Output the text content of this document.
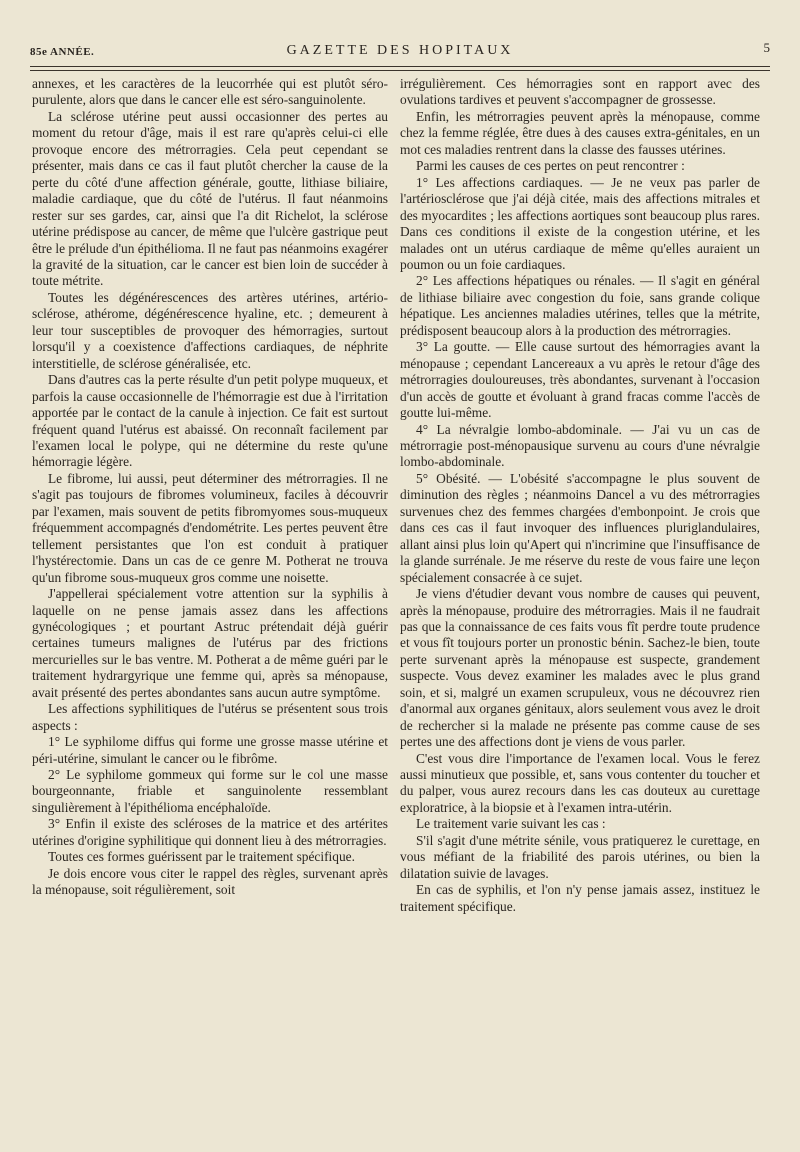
85e ANNÉE.	GAZETTE DES HOPITAUX	5

annexes, et les caractères de la leucorrhée qui est plutôt séro-purulente, alors que dans le cancer elle est séro-sanguinolente.

La sclérose utérine peut aussi occasionner des pertes au moment du retour d'âge, mais il est rare qu'après celui-ci elle provoque encore des métrorragies. Cela peut cependant se présenter, mais dans ce cas il faut plutôt chercher la cause de la perte du côté d'une affection générale, goutte, lithiase biliaire, maladie cardiaque, que du côté de l'utérus. Il faut néanmoins rester sur ses gardes, car, ainsi que l'a dit Richelot, la sclérose utérine prédispose au cancer, de même que l'ulcère gastrique peut être le prélude d'un épithélioma. Il ne faut pas néanmoins exagérer la gravité de la situation, car le cancer est bien loin de succéder à toute métrite.

Toutes les dégénérescences des artères utérines, artério-sclérose, athérome, dégénérescence hyaline, etc. ; demeurent à leur tour susceptibles de provoquer des hémorragies, surtout lorsqu'il y a coexistence d'affections cardiaques, de néphrite interstitielle, de sclérose généralisée, etc.

Dans d'autres cas la perte résulte d'un petit polype muqueux, et parfois la cause occasionnelle de l'hémorragie est due à l'irritation apportée par le contact de la canule à injection. Ce fait est surtout fréquent quand l'utérus est abaissé. On reconnaît facilement par l'examen local le polype, qui ne détermine du reste qu'une hémorragie légère.

Le fibrome, lui aussi, peut déterminer des métrorragies. Il ne s'agit pas toujours de fibromes volumineux, faciles à découvrir par l'examen, mais souvent de petits fibromyomes sous-muqueux fréquemment accompagnés d'endométrite. Les pertes peuvent être tellement persistantes que l'on est conduit à pratiquer l'hystérectomie. Dans un cas de ce genre M. Potherat ne trouva qu'un fibrome sous-muqueux gros comme une noisette.

J'appellerai spécialement votre attention sur la syphilis à laquelle on ne pense jamais assez dans les affections gynécologiques ; et pourtant Astruc prétendait déjà guérir certaines tumeurs malignes de l'utérus par des frictions mercurielles sur le bas ventre. M. Potherat a de même guéri par le traitement hydrargyrique une femme qui, après sa ménopause, avait présenté des pertes abondantes sans aucun autre symptôme.

Les affections syphilitiques de l'utérus se présentent sous trois aspects :

1° Le syphilome diffus qui forme une grosse masse utérine et péri-utérine, simulant le cancer ou le fibrôme.

2° Le syphilome gommeux qui forme sur le col une masse bourgeonnante, friable et sanguinolente ressemblant singulièrement à l'épithélioma encéphaloïde.

3° Enfin il existe des scléroses de la matrice et des artérites utérines d'origine syphilitique qui donnent lieu à des métrorragies.

Toutes ces formes guérissent par le traitement spécifique.

Je dois encore vous citer le rappel des règles, survenant après la ménopause, soit régulièrement, soit

irrégulièrement. Ces hémorragies sont en rapport avec des ovulations tardives et peuvent s'accompagner de grossesse.

Enfin, les métrorragies peuvent après la ménopause, comme chez la femme réglée, être dues à des causes extra-génitales, en un mot ces maladies rentrent dans la classe des fausses utérines.

Parmi les causes de ces pertes on peut rencontrer :

1° Les affections cardiaques. — Je ne veux pas parler de l'artériosclérose que j'ai déjà citée, mais des affections mitrales et des myocardites ; les affections aortiques sont beaucoup plus rares. Dans ces conditions il existe de la congestion utérine, et les malades ont un utérus cardiaque de même qu'elles auraient un poumon ou un foie cardiaques.

2° Les affections hépatiques ou rénales. — Il s'agit en général de lithiase biliaire avec congestion du foie, sans grande colique hépatique. Les anciennes maladies utérines, telles que la métrite, prédisposent beaucoup alors à la production des métrorragies.

3° La goutte. — Elle cause surtout des hémorragies avant la ménopause ; cependant Lancereaux a vu après le retour d'âge des métrorragies douloureuses, très abondantes, survenant à l'occasion d'un accès de goutte et évoluant à grand fracas comme l'accès de goutte lui-même.

4° La névralgie lombo-abdominale. — J'ai vu un cas de métrorragie post-ménopausique survenu au cours d'une névralgie lombo-abdominale.

5° Obésité. — L'obésité s'accompagne le plus souvent de diminution des règles ; néanmoins Dancel a vu des métrorragies survenues chez des femmes chargées d'embonpoint. Je crois que dans ces cas il faut invoquer des influences pluriglandulaires, allant ainsi plus loin qu'Apert qui n'incrimine que l'insuffisance de la glande surrénale. Je me réserve du reste de vous faire une leçon spécialement consacrée à ce sujet.

Je viens d'étudier devant vous nombre de causes qui peuvent, après la ménopause, produire des métrorragies. Mais il ne faudrait pas que la connaissance de ces faits vous fît perdre toute prudence et vous fît toujours porter un pronostic bénin. Sachez-le bien, toute perte survenant après la ménopause est suspecte, grandement suspecte. Vous devez examiner les malades avec le plus grand soin, et si, malgré un examen scrupuleux, vous ne découvrez rien d'anormal aux organes génitaux, alors seulement vous avez le droit de rechercher si la malade ne présente pas comme cause de ses pertes une des affections dont je viens de vous parler.

C'est vous dire l'importance de l'examen local. Vous le ferez aussi minutieux que possible, et, sans vous contenter du toucher et du palper, vous aurez recours dans les cas douteux au curettage exploratrice, à la biopsie et à l'examen intra-utérin.

Le traitement varie suivant les cas :

S'il s'agit d'une métrite sénile, vous pratiquerez le curettage, en vous méfiant de la friabilité des parois utérines, ou bien la dilatation suivie de lavages.

En cas de syphilis, et l'on n'y pense jamais assez, instituez le traitement spécifique.
